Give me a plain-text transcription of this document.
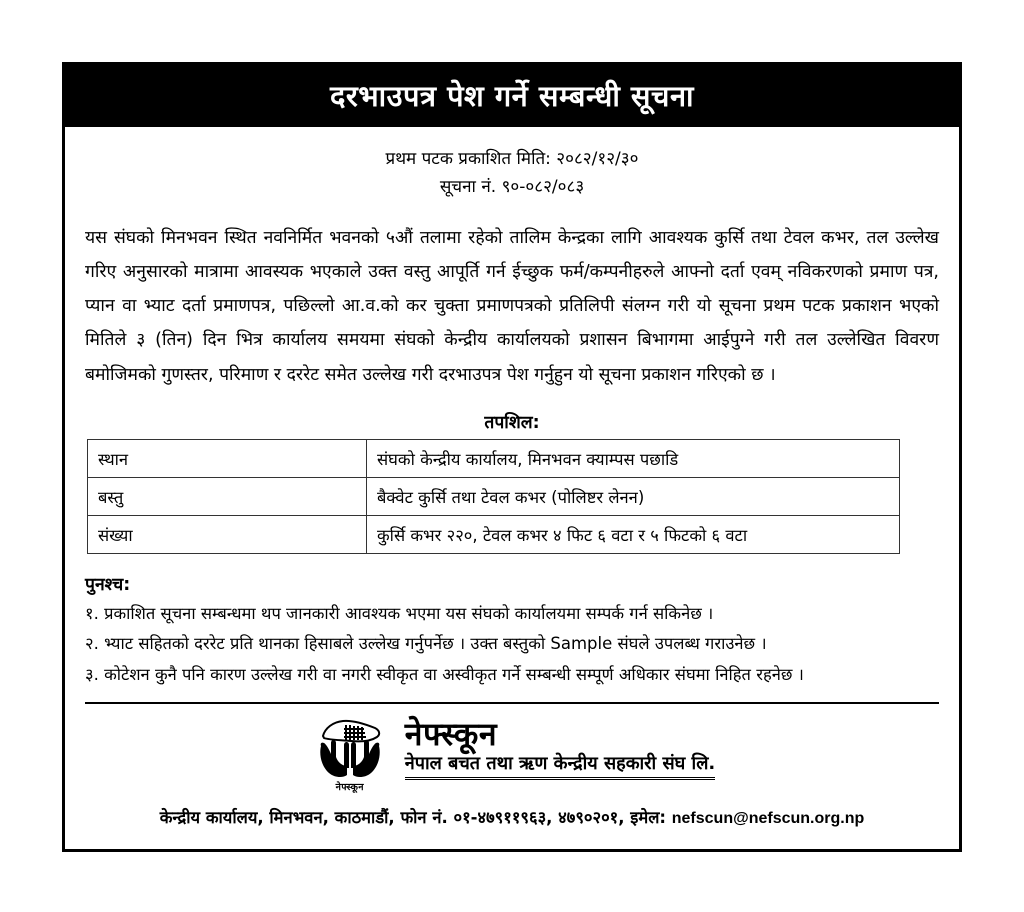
दरभाउपत्र पेश गर्ने सम्बन्धी सूचना
प्रथम पटक प्रकाशित मिति: २०८२/१२/३०
सूचना नं. ९०-०८२/०८३
यस संघको मिनभवन स्थित नवनिर्मित भवनको ५औं तलामा रहेको तालिम केन्द्रका लागि आवश्यक कुर्सि तथा टेवल कभर, तल उल्लेख गरिए अनुसारको मात्रामा आवस्यक भएकाले उक्त वस्तु आपूर्ति गर्न ईच्छुक फर्म/कम्पनीहरुले आफ्नो दर्ता एवम् नविकरणको प्रमाण पत्र, प्यान वा भ्याट दर्ता प्रमाणपत्र, पछिल्लो आ.व.को कर चुक्ता प्रमाणपत्रको प्रतिलिपी संलग्न गरी यो सूचना प्रथम पटक प्रकाशन भएको मितिले ३ (तिन) दिन भित्र कार्यालय समयमा संघको केन्द्रीय कार्यालयको प्रशासन बिभागमा आईपुग्ने गरी तल उल्लेखित विवरण बमोजिमको गुणस्तर, परिमाण र दररेट समेत उल्लेख गरी दरभाउपत्र पेश गर्नुहुन यो सूचना प्रकाशन गरिएको छ ।
तपशिल:
स्थान	संघको केन्द्रीय कार्यालय, मिनभवन क्याम्पस पछाडि
बस्तु	बैक्वेट कुर्सि तथा टेवल कभर (पोलिष्टर लेनन)
संख्या	कुर्सि कभर २२०, टेवल कभर ४ फिट ६ वटा र ५ फिटको ६ वटा
पुनश्च:
१. प्रकाशित सूचना सम्बन्धमा थप जानकारी आवश्यक भएमा यस संघको कार्यालयमा सम्पर्क गर्न सकिनेछ ।
२. भ्याट सहितको दररेट प्रति थानका हिसाबले उल्लेख गर्नुपर्नेछ । उक्त बस्तुको Sample संघले उपलब्ध गराउनेछ ।
३. कोटेशन कुनै पनि कारण उल्लेख गरी वा नगरी स्वीकृत वा अस्वीकृत गर्ने सम्बन्धी सम्पूर्ण अधिकार संघमा निहित रहनेछ ।
नेफ्स्कून
नेफ्स्कून
नेपाल बचत तथा ऋण केन्द्रीय सहकारी संघ लि.
केन्द्रीय कार्यालय, मिनभवन, काठमाडौं, फोन नं. ०१-४७९११९६३, ४७९०२०१, इमेल: nefscun@nefscun.org.np
